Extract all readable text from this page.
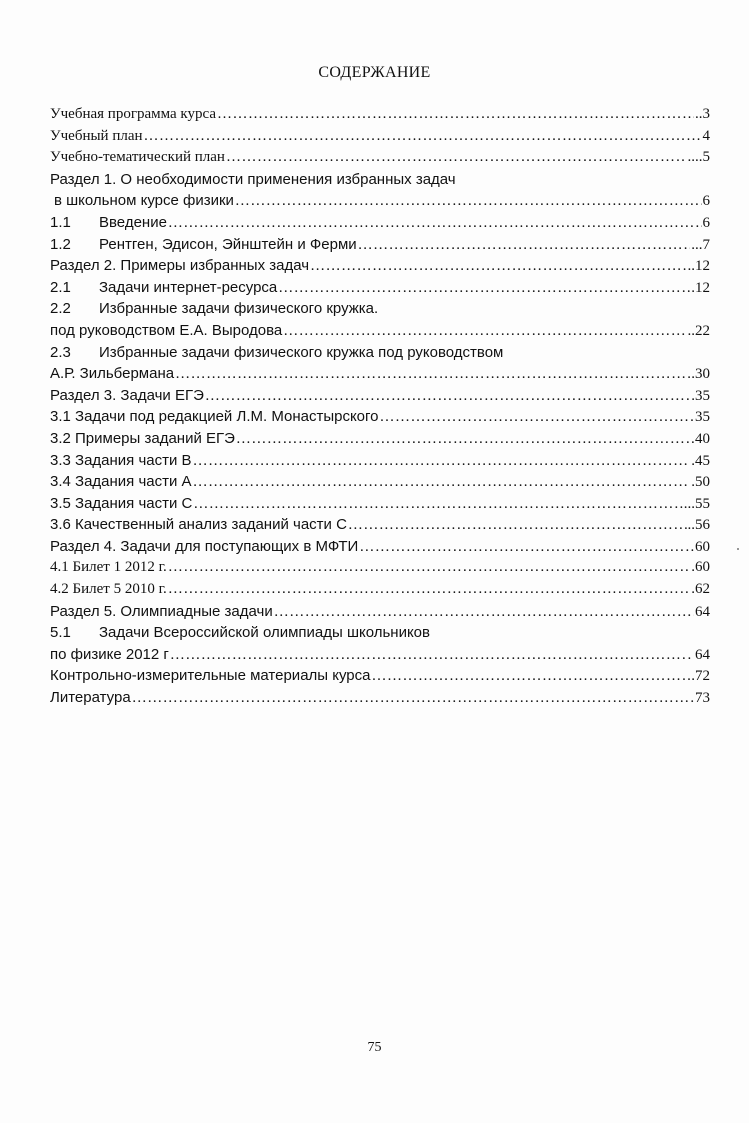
СОДЕРЖАНИЕ
Учебная программа курса ……………………………………………………………………………………………………………………………………………………………………………………………………………………………………………………………………………………	..3
Учебный план ……………………………………………………………………………………………………………………………………………………………………………………………………………………………………………………………………………………	4
Учебно-тематический план ……………………………………………………………………………………………………………………………………………………………………………………………………………………………………………………………………………………	....5
Раздел 1. О необходимости применения избранных задач
в школьном курсе физики ……………………………………………………………………………………………………………………………………………………………………………………………………………………………………………………………………………………	6
1.1	Введение ……………………………………………………………………………………………………………………………………………………………………………………………………………………………………………………………………………………	6
1.2	Рентген, Эдисон, Эйнштейн и Ферми ……………………………………………………………………………………………………………………………………………………………………………………………………………………………………………………………………………………	...7
Раздел 2. Примеры избранных задач ……………………………………………………………………………………………………………………………………………………………………………………………………………………………………………………………………………………	..12
2.1	Задачи интернет-ресурса ……………………………………………………………………………………………………………………………………………………………………………………………………………………………………………………………………………………	.12
2.2	Избранные задачи физического кружка.
под руководством Е.А. Выродова ……………………………………………………………………………………………………………………………………………………………………………………………………………………………………………………………………………………	..22
2.3	Избранные задачи физического кружка под руководством
А.Р. Зильбермана ……………………………………………………………………………………………………………………………………………………………………………………………………………………………………………………………………………………	.30
Раздел 3. Задачи ЕГЭ ……………………………………………………………………………………………………………………………………………………………………………………………………………………………………………………………………………………	.35
3.1 Задачи под редакцией Л.М. Монастырского ……………………………………………………………………………………………………………………………………………………………………………………………………………………………………………………………………………………	35
3.2 Примеры заданий ЕГЭ ……………………………………………………………………………………………………………………………………………………………………………………………………………………………………………………………………………………	40
3.3 Задания части В ……………………………………………………………………………………………………………………………………………………………………………………………………………………………………………………………………………………	.45
3.4 Задания части А ……………………………………………………………………………………………………………………………………………………………………………………………………………………………………………………………………………………	.50
3.5 Задания части С ……………………………………………………………………………………………………………………………………………………………………………………………………………………………………………………………………………………	...55
3.6 Качественный анализ заданий части С ……………………………………………………………………………………………………………………………………………………………………………………………………………………………………………………………………………………	..56
Раздел 4. Задачи для поступающих в МФТИ ……………………………………………………………………………………………………………………………………………………………………………………………………………………………………………………………………………………	60
4.1 Билет 1 2012 г. ……………………………………………………………………………………………………………………………………………………………………………………………………………………………………………………………………………………	.60
4.2 Билет 5 2010 г. ……………………………………………………………………………………………………………………………………………………………………………………………………………………………………………………………………………………	.62
Раздел 5. Олимпиадные задачи ……………………………………………………………………………………………………………………………………………………………………………………………………………………………………………………………………………………	64
5.1	Задачи Всероссийской олимпиады школьников
по физике 2012 г ……………………………………………………………………………………………………………………………………………………………………………………………………………………………………………………………………………………	. 64
Контрольно-измерительные материалы курса ……………………………………………………………………………………………………………………………………………………………………………………………………………………………………………………………………………………	.72
Литература ……………………………………………………………………………………………………………………………………………………………………………………………………………………………………………………………………………………	73
75
